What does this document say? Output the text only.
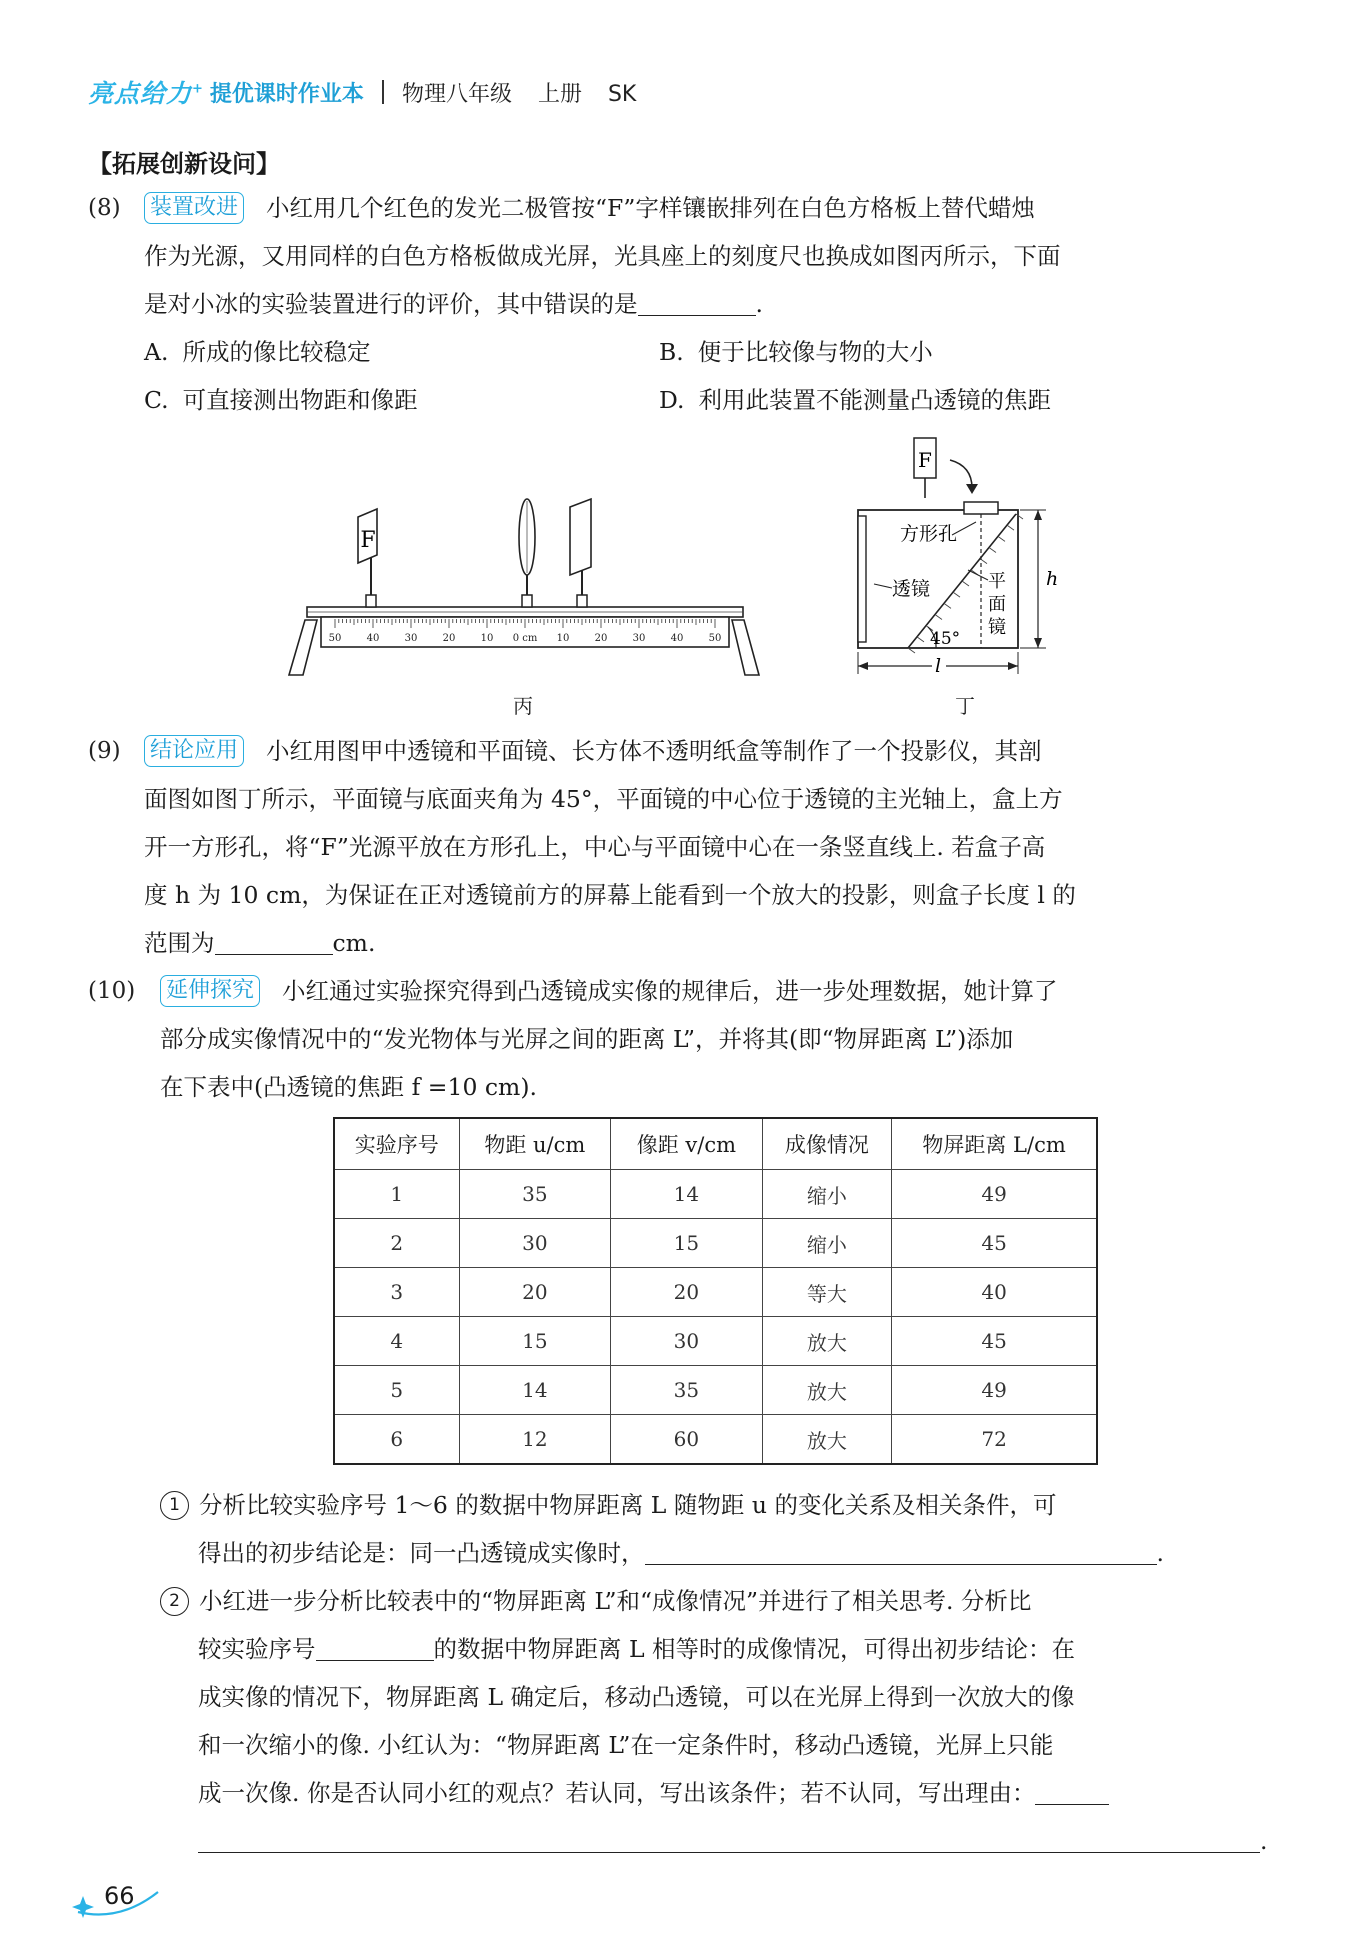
亮点给力+ 提优课时作业本 物理八年级 上册 SK
【拓展创新设问】
(8) 装置改进 小红用几个红色的发光二极管按“F”字样镶嵌排列在白色方格板上替代蜡烛
作为光源，又用同样的白色方格板做成光屏，光具座上的刻度尺也换成如图丙所示，下面
是对小冰的实验装置进行的评价，其中错误的是	.
A. 所成的像比较稳定	B. 便于比较像与物的大小
C. 可直接测出物距和像距	D. 利用此装置不能测量凸透镜的焦距
50	40	30	20	10 0 cm 10	20	30	40	50
F
丙
F
方形孔
透镜	平
面
镜
45°
h
l
丁
(9) 结论应用 小红用图甲中透镜和平面镜、长方体不透明纸盒等制作了一个投影仪，其剖
面图如图丁所示，平面镜与底面夹角为 45°，平面镜的中心位于透镜的主光轴上，盒上方
开一方形孔，将“F”光源平放在方形孔上，中心与平面镜中心在一条竖直线上. 若盒子高
度 h 为 10 cm，为保证在正对透镜前方的屏幕上能看到一个放大的投影，则盒子长度 l 的
范围为	cm.
(10) 延伸探究 小红通过实验探究得到凸透镜成实像的规律后，进一步处理数据，她计算了
部分成实像情况中的“发光物体与光屏之间的距离 L”，并将其(即“物屏距离 L”)添加
在下表中(凸透镜的焦距 f =10 cm).
实验序号	物距 u/cm	像距 v/cm	成像情况	物屏距离 L/cm
1	35	14	缩小	49
2	30	15	缩小	45
3	20	20	等大	40
4	15	30	放大	45
5	14	35	放大	49
6	12	60	放大	72
1 分析比较实验序号 1～6 的数据中物屏距离 L 随物距 u 的变化关系及相关条件，可
得出的初步结论是：同一凸透镜成实像时，	.
2 小红进一步分析比较表中的“物屏距离 L”和“成像情况”并进行了相关思考. 分析比
较实验序号	的数据中物屏距离 L 相等时的成像情况，可得出初步结论：在
成实像的情况下，物屏距离 L 确定后，移动凸透镜，可以在光屏上得到一次放大的像
和一次缩小的像. 小红认为：“物屏距离 L”在一定条件时，移动凸透镜，光屏上只能
成一次像. 你是否认同小红的观点？若认同，写出该条件；若不认同，写出理由：
.
66
